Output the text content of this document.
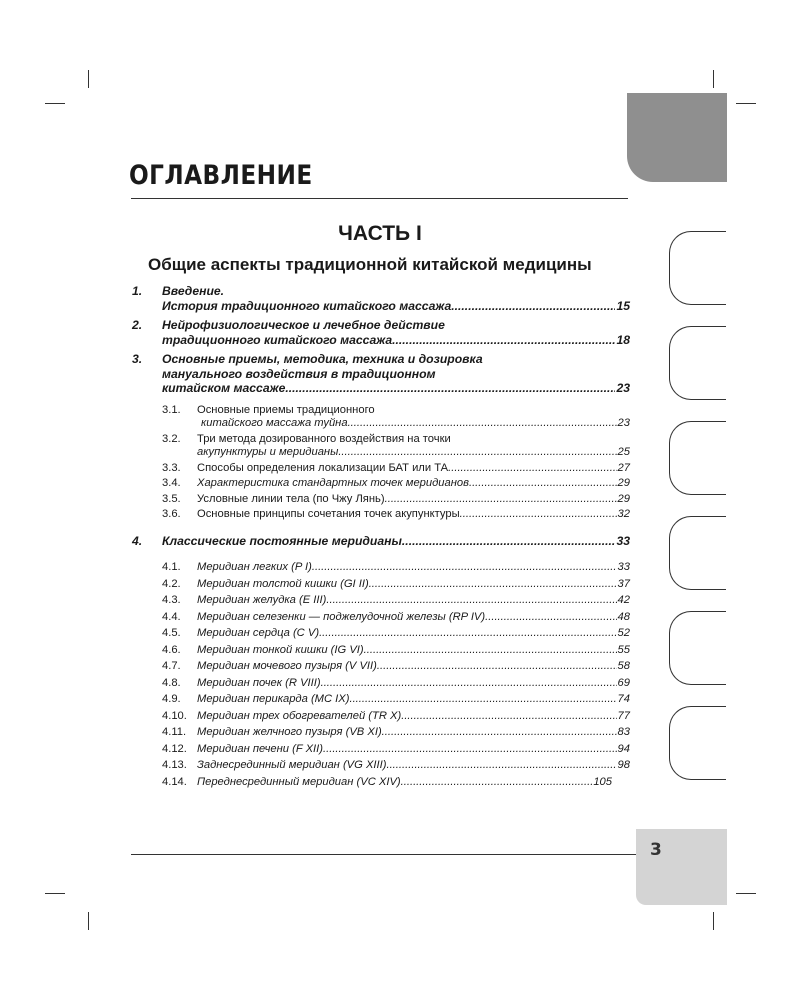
ОГЛАВЛЕНИЕ
ЧАСТЬ I
Общие аспекты традиционной китайской медицины
1.	Введение.
История традиционного китайского массажа .....	15
2.	Нейрофизиологическое и лечебное действие
традиционного китайского массажа .....	18
3.	Основные приемы, методика, техника и дозировка
мануального воздействия в традиционном
китайском массаже .....	23
3.1.	Основные приемы традиционного
китайского массажа туйна .....	23
3.2.	Три метода дозированного воздействия на точки
акупунктуры и меридианы .....	25
3.3.	Способы определения локализации БАТ или ТА .....	27
3.4.	Характеристика стандартных точек меридианов .....	29
3.5.	Условные линии тела (по Чжу Лянь) .....	29
3.6.	Основные принципы сочетания точек акупунктуры .....	32
4.	Классические постоянные меридианы .....	33
4.1.	Меридиан легких (P I) .....	33
4.2.	Меридиан толстой кишки (GI II) .....	37
4.3.	Меридиан желудка (E III) .....	42
4.4.	Меридиан селезенки — поджелудочной железы (RP IV) .....	48
4.5.	Меридиан сердца (C V) .....	52
4.6.	Меридиан тонкой кишки (IG VI) .....	55
4.7.	Меридиан мочевого пузыря (V VII) .....	58
4.8.	Меридиан почек (R VIII) .....	69
4.9.	Меридиан перикарда (MC IX) .....	74
4.10. Меридиан трех обогревателей (TR X) .....	77
4.11. Меридиан желчного пузыря (VB XI) .....	83
4.12. Меридиан печени (F XII) .....	94
4.13. Заднесрединный меридиан (VG XIII) .....	98
4.14. Переднесрединный меридиан (VC XIV) .....	105
3
